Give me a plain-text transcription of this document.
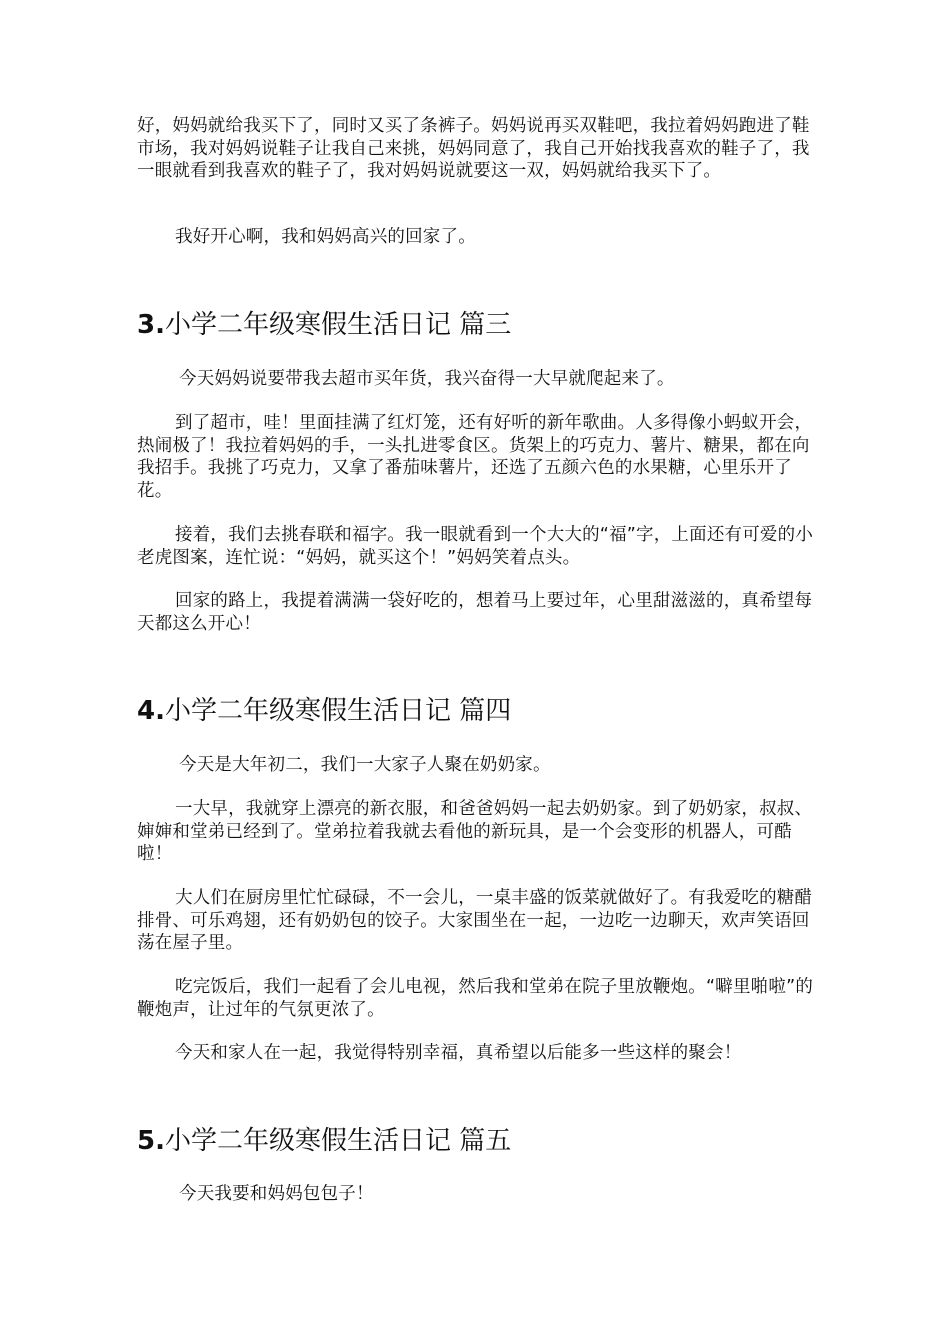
好，妈妈就给我买下了，同时又买了条裤子。妈妈说再买双鞋吧，我拉着妈妈跑进了鞋市场，我对妈妈说鞋子让我自己来挑，妈妈同意了，我自己开始找我喜欢的鞋子了，我一眼就看到我喜欢的鞋子了，我对妈妈说就要这一双，妈妈就给我买下了。

我好开心啊，我和妈妈高兴的回家了。

3.小学二年级寒假生活日记 篇三

今天妈妈说要带我去超市买年货，我兴奋得一大早就爬起来了。

到了超市，哇！里面挂满了红灯笼，还有好听的新年歌曲。人多得像小蚂蚁开会，热闹极了！我拉着妈妈的手，一头扎进零食区。货架上的巧克力、薯片、糖果，都在向我招手。我挑了巧克力，又拿了番茄味薯片，还选了五颜六色的水果糖，心里乐开了花。

接着，我们去挑春联和福字。我一眼就看到一个大大的“福”字，上面还有可爱的小老虎图案，连忙说：“妈妈，就买这个！”妈妈笑着点头。

回家的路上，我提着满满一袋好吃的，想着马上要过年，心里甜滋滋的，真希望每天都这么开心！

4.小学二年级寒假生活日记 篇四

今天是大年初二，我们一大家子人聚在奶奶家。

一大早，我就穿上漂亮的新衣服，和爸爸妈妈一起去奶奶家。到了奶奶家，叔叔、婶婶和堂弟已经到了。堂弟拉着我就去看他的新玩具，是一个会变形的机器人，可酷啦！

大人们在厨房里忙忙碌碌，不一会儿，一桌丰盛的饭菜就做好了。有我爱吃的糖醋排骨、可乐鸡翅，还有奶奶包的饺子。大家围坐在一起，一边吃一边聊天，欢声笑语回荡在屋子里。

吃完饭后，我们一起看了会儿电视，然后我和堂弟在院子里放鞭炮。“噼里啪啦”的鞭炮声，让过年的气氛更浓了。

今天和家人在一起，我觉得特别幸福，真希望以后能多一些这样的聚会！

5.小学二年级寒假生活日记 篇五

今天我要和妈妈包包子！
